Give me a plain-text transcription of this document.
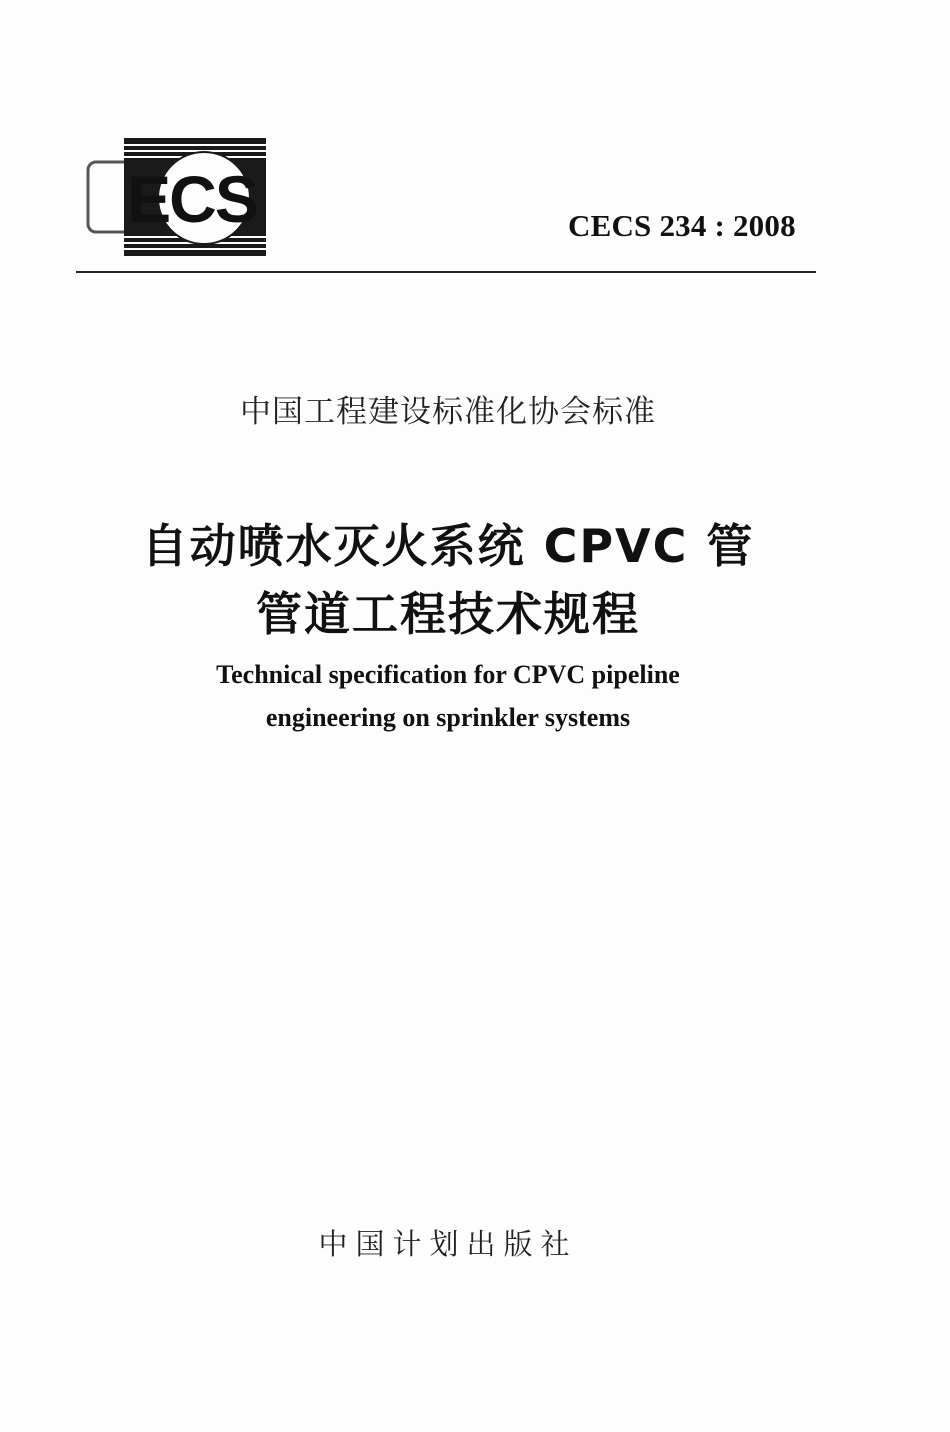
ECS	CECS 234 : 2008
中国工程建设标准化协会标准
自动喷水灭火系统 CPVC 管
管道工程技术规程
Technical specification for CPVC pipeline
engineering on sprinkler systems
中国计划出版社
